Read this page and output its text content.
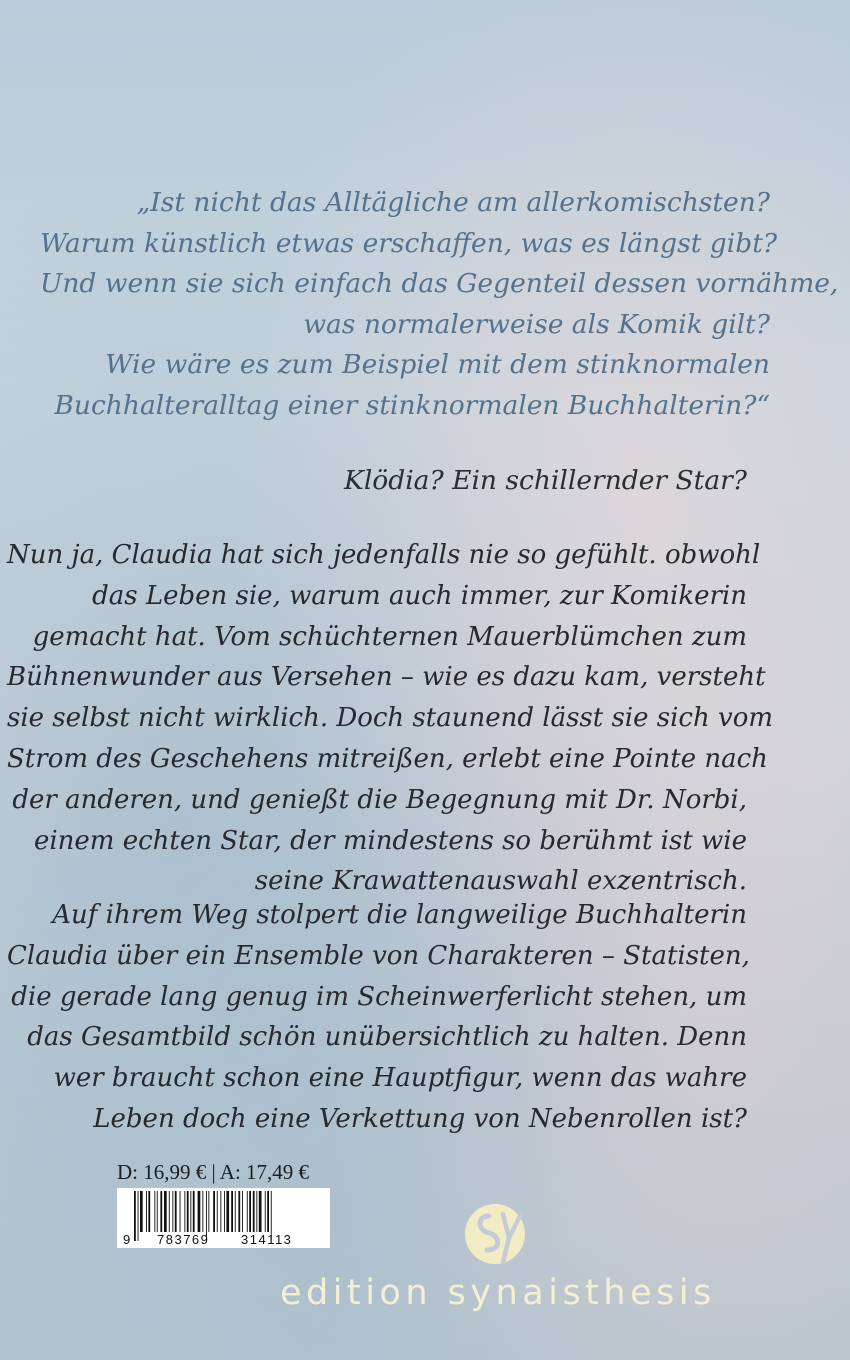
„Ist nicht das Alltägliche am allerkomischsten?
Warum künstlich etwas erschaffen, was es längst gibt?
Und wenn sie sich einfach das Gegenteil dessen vornähme,
was normalerweise als Komik gilt?
Wie wäre es zum Beispiel mit dem stinknormalen
Buchhalteralltag einer stinknormalen Buchhalterin?“
Klödia? Ein schillernder Star?
Nun ja, Claudia hat sich jedenfalls nie so gefühlt. obwohl
das Leben sie, warum auch immer, zur Komikerin
gemacht hat. Vom schüchternen Mauerblümchen zum
Bühnenwunder aus Versehen – wie es dazu kam, versteht
sie selbst nicht wirklich. Doch staunend lässt sie sich vom
Strom des Geschehens mitreißen, erlebt eine Pointe nach
der anderen, und genießt die Begegnung mit Dr. Norbi,
einem echten Star, der mindestens so berühmt ist wie
seine Krawattenauswahl exzentrisch.
Auf ihrem Weg stolpert die langweilige Buchhalterin
Claudia über ein Ensemble von Charakteren – Statisten,
die gerade lang genug im Scheinwerferlicht stehen, um
das Gesamtbild schön unübersichtlich zu halten. Denn
wer braucht schon eine Hauptfigur, wenn das wahre
Leben doch eine Verkettung von Nebenrollen ist?
D: 16,99 € | A: 17,49 €
9 783769 314113
edition synaisthesis
